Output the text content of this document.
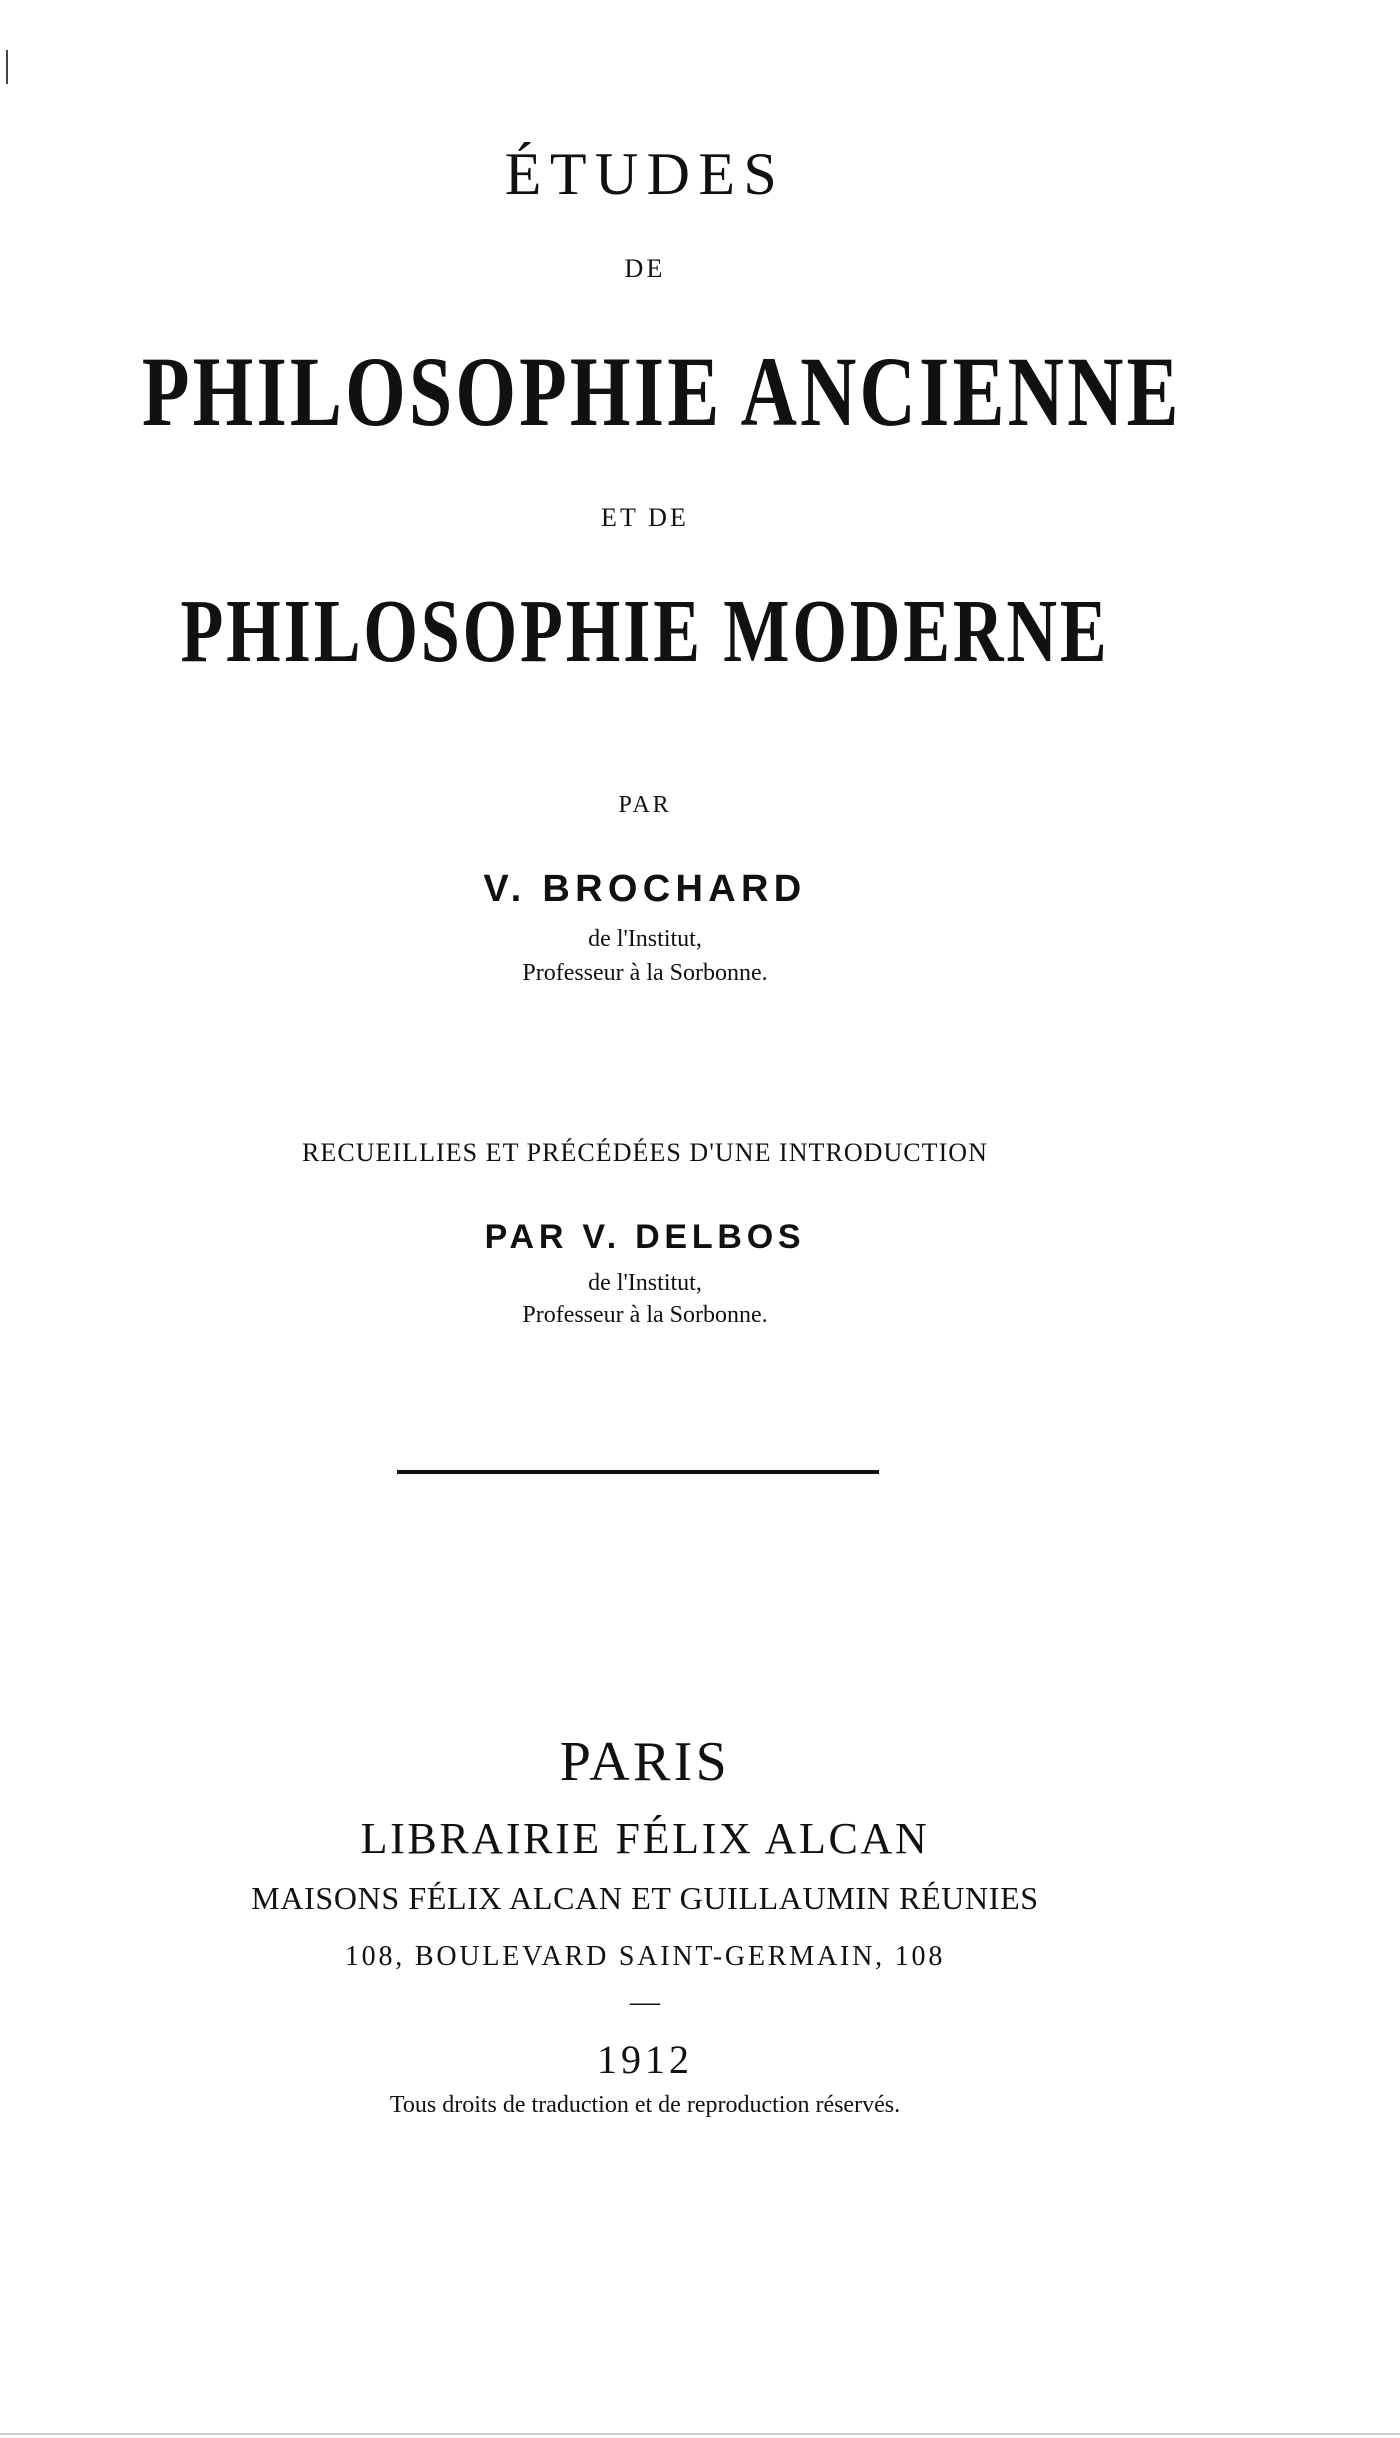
ÉTUDES

DE

PHILOSOPHIE ANCIENNE

ET DE

PHILOSOPHIE MODERNE

PAR

V. BROCHARD

de l'Institut,

Professeur à la Sorbonne.

RECUEILLIES ET PRÉCÉDÉES D'UNE INTRODUCTION

PAR V. DELBOS

de l'Institut,

Professeur à la Sorbonne.

PARIS

LIBRAIRIE FÉLIX ALCAN

MAISONS FÉLIX ALCAN ET GUILLAUMIN RÉUNIES

108, BOULEVARD SAINT-GERMAIN, 108

—

1912

Tous droits de traduction et de reproduction réservés.
